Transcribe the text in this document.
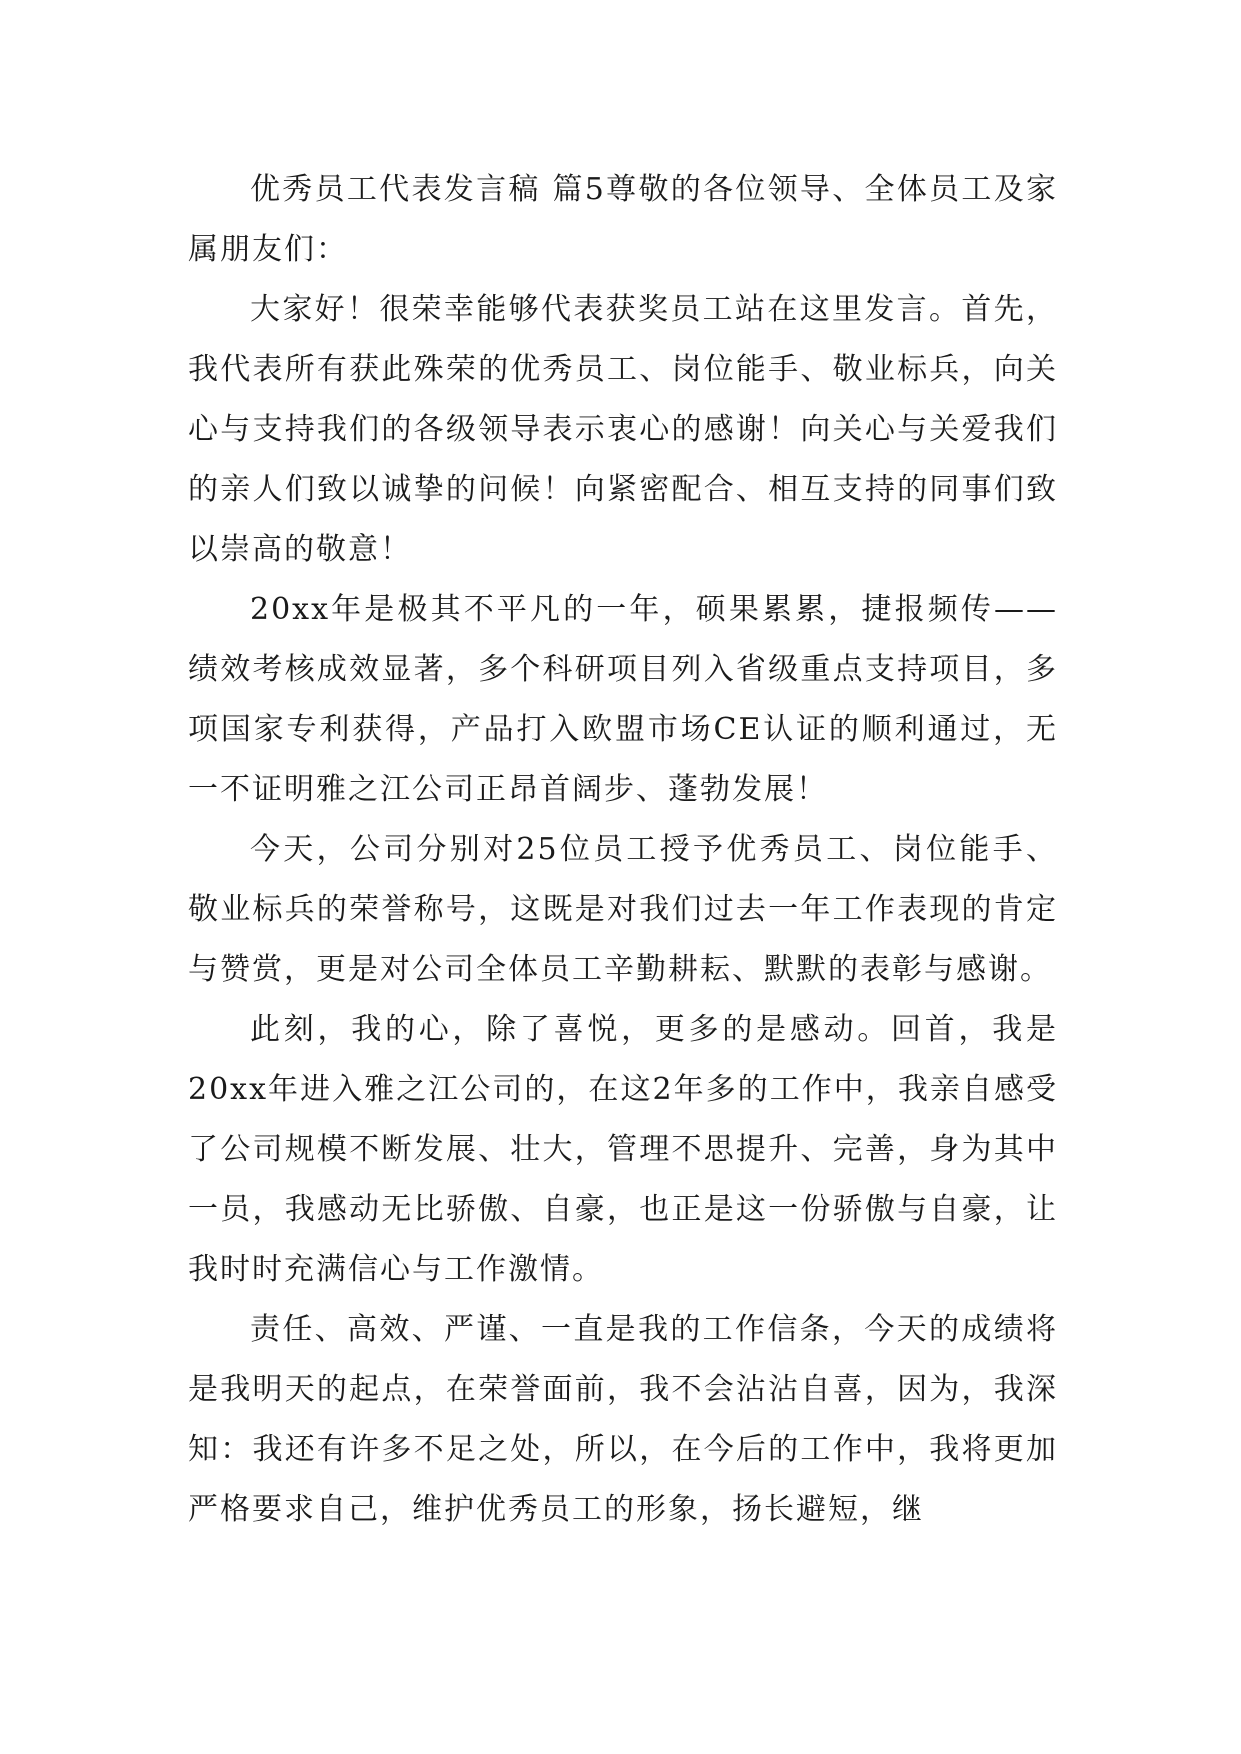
优秀员工代表发言稿 篇5尊敬的各位领导、全体员工及家属朋友们：

大家好！很荣幸能够代表获奖员工站在这里发言。首先，我代表所有获此殊荣的优秀员工、岗位能手、敬业标兵，向关心与支持我们的各级领导表示衷心的感谢！向关心与关爱我们的亲人们致以诚挚的问候！向紧密配合、相互支持的同事们致以崇高的敬意！

20xx年是极其不平凡的一年，硕果累累，捷报频传——绩效考核成效显著，多个科研项目列入省级重点支持项目，多项国家专利获得，产品打入欧盟市场CE认证的顺利通过，无一不证明雅之江公司正昂首阔步、蓬勃发展！

今天，公司分别对25位员工授予优秀员工、岗位能手、敬业标兵的荣誉称号，这既是对我们过去一年工作表现的肯定与赞赏，更是对公司全体员工辛勤耕耘、默默的表彰与感谢。

此刻，我的心，除了喜悦，更多的是感动。回首，我是20xx年进入雅之江公司的，在这2年多的工作中，我亲自感受了公司规模不断发展、壮大，管理不思提升、完善，身为其中一员，我感动无比骄傲、自豪，也正是这一份骄傲与自豪，让我时时充满信心与工作激情。

责任、高效、严谨、一直是我的工作信条，今天的成绩将是我明天的起点，在荣誉面前，我不会沾沾自喜，因为，我深知：我还有许多不足之处，所以，在今后的工作中，我将更加严格要求自己，维护优秀员工的形象，扬长避短，继
